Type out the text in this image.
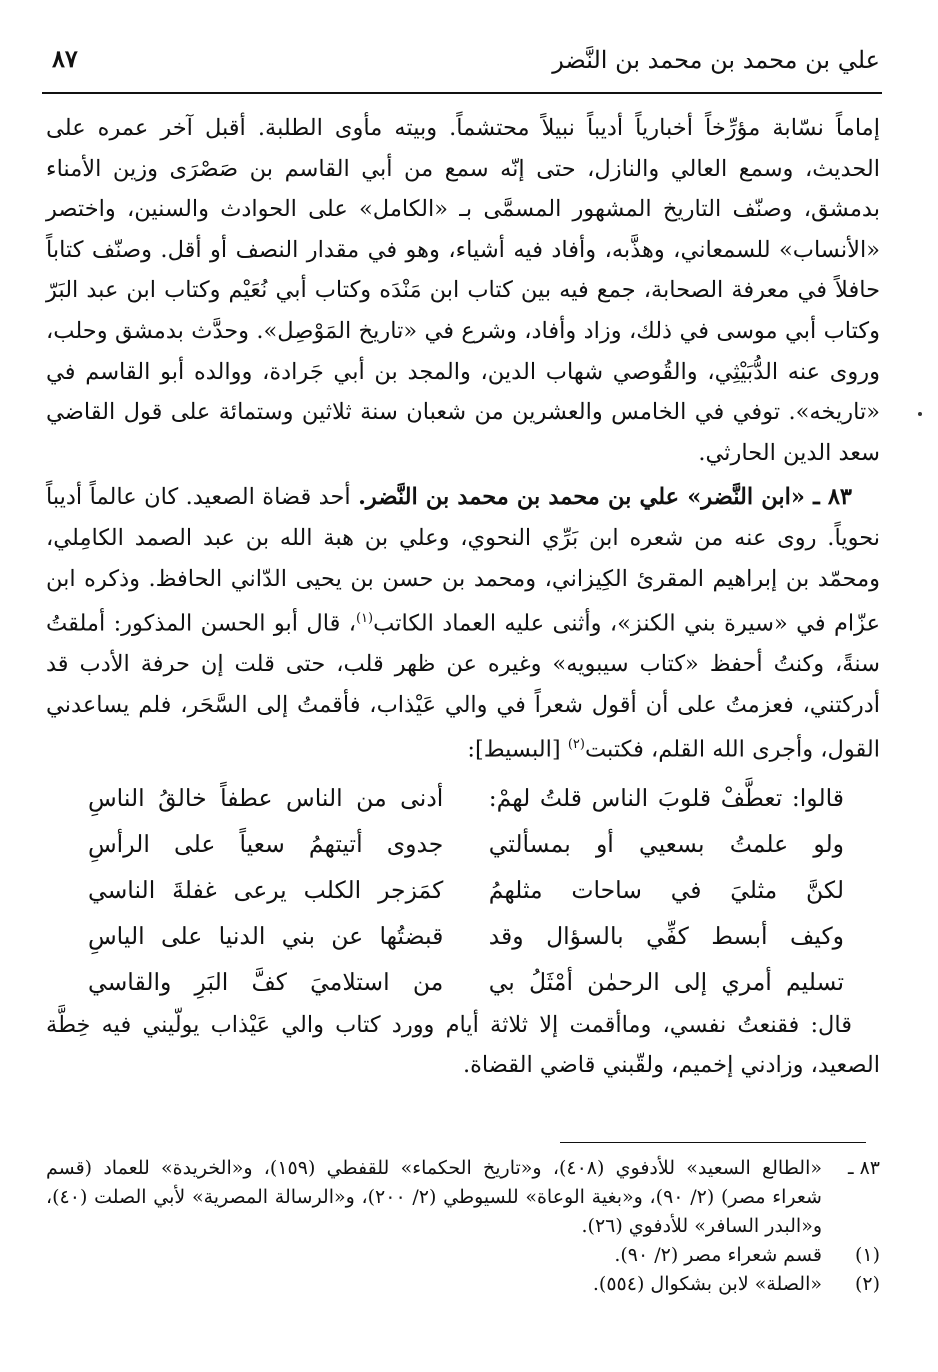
علي بن محمد بن محمد بن النَّضر
٨٧

إماماً نسّابة مؤرِّخاً أخبارياً أديباً نبيلاً محتشماً. وبيته مأوى الطلبة. أقبل آخر عمره على الحديث، وسمع العالي والنازل، حتى إنّه سمع من أبي القاسم بن صَصْرَى وزين الأمناء بدمشق، وصنّف التاريخ المشهور المسمَّى بـ «الكامل» على الحوادث والسنين، واختصر «الأنساب» للسمعاني، وهذَّبه، وأفاد فيه أشياء، وهو في مقدار النصف أو أقل. وصنّف كتاباً حافلاً في معرفة الصحابة، جمع فيه بين كتاب ابن مَنْدَه وكتاب أبي نُعَيْم وكتاب ابن عبد البَرّ وكتاب أبي موسى في ذلك، وزاد وأفاد، وشرع في «تاريخ المَوْصِل». وحدَّث بدمشق وحلب، وروى عنه الدُّبَيْثِي، والقُوصي شهاب الدين، والمجد بن أبي جَرادة، ووالده أبو القاسم في «تاريخه». توفي في الخامس والعشرين من شعبان سنة ثلاثين وستمائة على قول القاضي سعد الدين الحارثي.

٨٣ ـ «ابن النَّضر» علي بن محمد بن محمد بن النَّضر. أحد قضاة الصعيد. كان عالماً أديباً نحوياً. روى عنه من شعره ابن بَرِّي النحوي، وعلي بن هبة الله بن عبد الصمد الكامِلي، ومحمّد بن إبراهيم المقرئ الكِيزاني، ومحمد بن حسن بن يحيى الدّاني الحافظ. وذكره ابن عزّام في «سيرة بني الكنز»، وأثنى عليه العماد الكاتب$^{(١)}$، قال أبو الحسن المذكور: أملقتُ سنةً، وكنتُ أحفظ «كتاب سيبويه» وغيره عن ظهر قلب، حتى قلت إن حرفة الأدب قد أدركتني، فعزمتُ على أن أقول شعراً في والي عَيْذاب، فأقمتُ إلى السَّحَر، فلم يساعدني القول، وأجرى الله القلم، فكتبت$^{(٢)}$ [البسيط]:

قالوا: تعطَّفْ قلوبَ الناس قلتُ لهمْ:
أدنى من الناس عطفاً خالقُ الناسِ
ولو علمتُ بسعيي أو بمسألتي
جدوى أتيتهمُ سعياً على الرأسِ
لكنَّ مثليَ في ساحات مثلهمُ
كمَزجر الكلب يرعى غفلةَ الناسي
وكيف أبسط كفِّي بالسؤال وقد
قبضتُها عن بني الدنيا على الياسِ
تسليم أمري إلى الرحمٰن أمْثَلُ بي
من استلاميَ كفَّ البَرِ والقاسي

قال: فقنعتُ نفسي، وماأقمت إلا ثلاثة أيام وورد كتاب والي عَيْذاب يولّيني فيه خِطَّة الصعيد، وزادني إخميم، ولقّبني قاضي القضاة.

٨٣ ـ
«الطالع السعيد» للأدفوي (٤٠٨)، و«تاريخ الحكماء» للقفطي (١٥٩)، و«الخريدة» للعماد (قسم شعراء مصر) (٢/ ٩٠)، و«بغية الوعاة» للسيوطي (٢/ ٢٠٠)، و«الرسالة المصرية» لأبي الصلت (٤٠)، و«البدر السافر» للأدفوي (٢٦).
(١)
قسم شعراء مصر (٢/ ٩٠).
(٢)
«الصلة» لابن بشكوال (٥٥٤).
